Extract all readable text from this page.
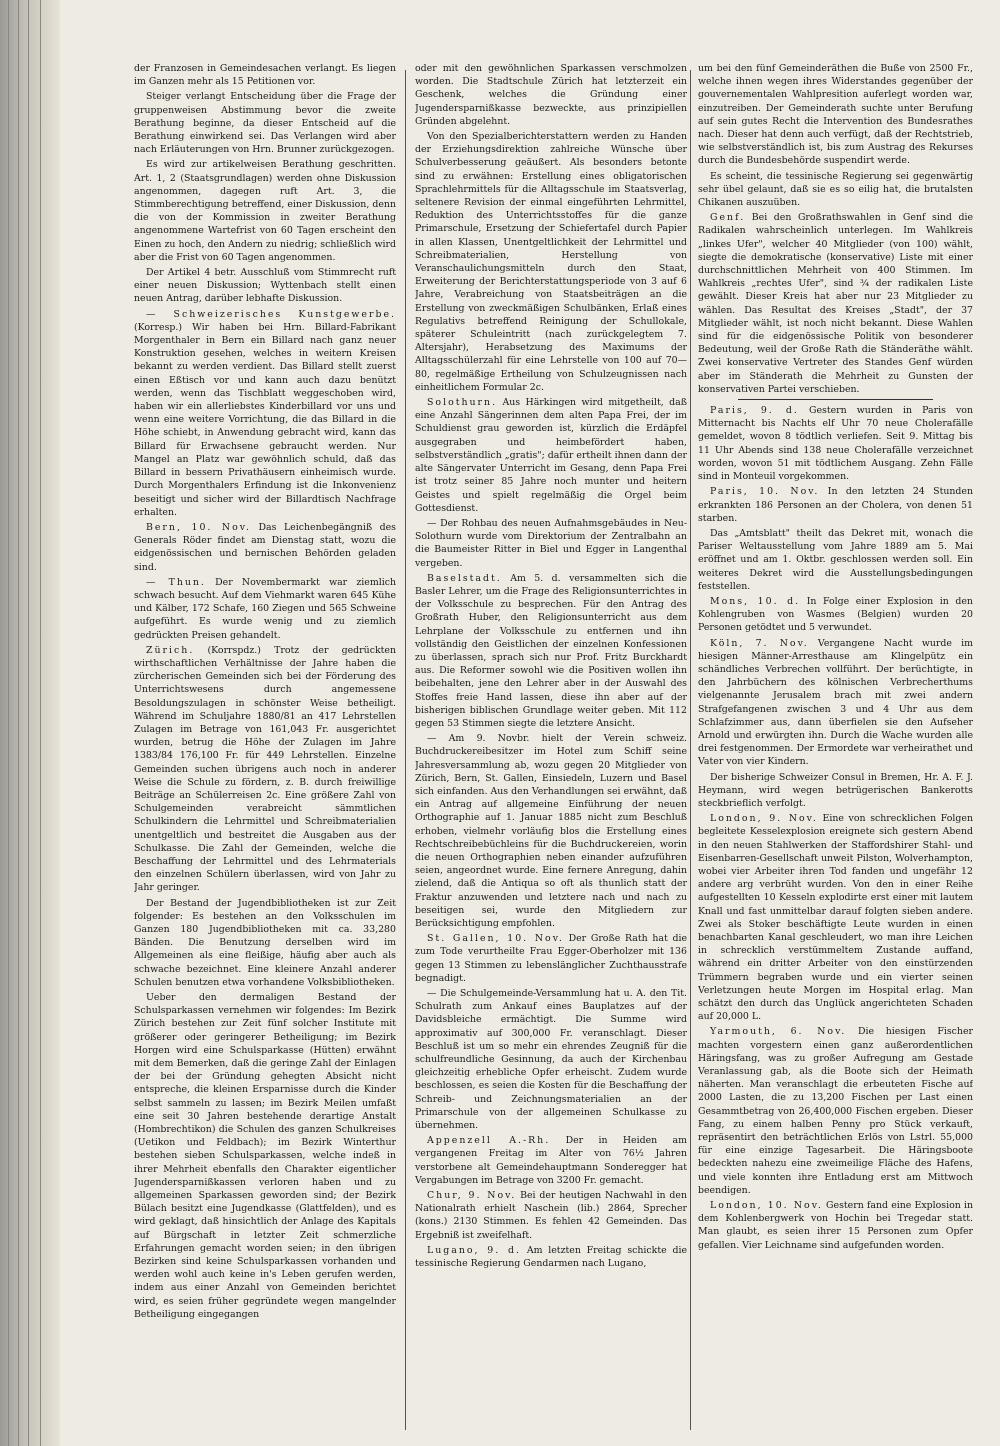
der Franzosen in Gemeindesachen verlangt. Es liegen im Ganzen mehr als 15 Petitionen vor.

Steiger verlangt Entscheidung über die Frage der gruppenweisen Abstimmung bevor die zweite Berathung beginne, da dieser Entscheid auf die Berathung einwirkend sei. Das Verlangen wird aber nach Erläuterungen von Hrn. Brunner zurückgezogen.

Es wird zur artikelweisen Berathung geschritten. Art. 1, 2 (Staatsgrundlagen) werden ohne Diskussion angenommen, dagegen ruft Art. 3, die Stimmberechtigung betreffend, einer Diskussion, denn die von der Kommission in zweiter Berathung angenommene Wartefrist von 60 Tagen erscheint den Einen zu hoch, den Andern zu niedrig; schließlich wird aber die Frist von 60 Tagen angenommen.

Der Artikel 4 betr. Ausschluß vom Stimmrecht ruft einer neuen Diskussion; Wyttenbach stellt einen neuen Antrag, darüber lebhafte Diskussion.

— Schweizerisches Kunstgewerbe. (Korresp.) Wir haben bei Hrn. Billard-Fabrikant Morgenthaler in Bern ein Billard nach ganz neuer Konstruktion gesehen, welches in weitern Kreisen bekannt zu werden verdient. Das Billard stellt zuerst einen Eßtisch vor und kann auch dazu benützt werden, wenn das Tischblatt weggeschoben wird, haben wir ein allerliebstes Kinderbillard vor uns und wenn eine weitere Vorrichtung, die das Billard in die Höhe schiebt, in Anwendung gebracht wird, kann das Billard für Erwachsene gebraucht werden. Nur Mangel an Platz war gewöhnlich schuld, daß das Billard in bessern Privathäusern einheimisch wurde. Durch Morgenthalers Erfindung ist die Inkonvenienz beseitigt und sicher wird der Billardtisch Nachfrage erhalten.

Bern, 10. Nov. Das Leichenbegängniß des Generals Röder findet am Dienstag statt, wozu die eidgenössischen und bernischen Behörden geladen sind.

— Thun. Der Novembermarkt war ziemlich schwach besucht. Auf dem Viehmarkt waren 645 Kühe und Kälber, 172 Schafe, 160 Ziegen und 565 Schweine aufgeführt. Es wurde wenig und zu ziemlich gedrückten Preisen gehandelt.

Zürich. (Korrspdz.) Trotz der gedrückten wirthschaftlichen Verhältnisse der Jahre haben die zürcherischen Gemeinden sich bei der Förderung des Unterrichtswesens durch angemessene Besoldungszulagen in schönster Weise betheiligt. Während im Schuljahre 1880/81 an 417 Lehrstellen Zulagen im Betrage von 161,043 Fr. ausgerichtet wurden, betrug die Höhe der Zulagen im Jahre 1383/84 176,100 Fr. für 449 Lehrstellen. Einzelne Gemeinden suchen übrigens auch noch in anderer Weise die Schule zu fördern, z. B. durch freiwillige Beiträge an Schülerreisen 2c. Eine größere Zahl von Schulgemeinden verabreicht sämmtlichen Schulkindern die Lehrmittel und Schreibmaterialien unentgeltlich und bestreitet die Ausgaben aus der Schulkasse. Die Zahl der Gemeinden, welche die Beschaffung der Lehrmittel und des Lehrmaterials den einzelnen Schülern überlassen, wird von Jahr zu Jahr geringer.

Der Bestand der Jugendbibliotheken ist zur Zeit folgender: Es bestehen an den Volksschulen im Ganzen 180 Jugendbibliotheken mit ca. 33,280 Bänden. Die Benutzung derselben wird im Allgemeinen als eine fleißige, häufig aber auch als schwache bezeichnet. Eine kleinere Anzahl anderer Schulen benutzen etwa vorhandene Volksbibliotheken.

Ueber den dermaligen Bestand der Schulsparkassen vernehmen wir folgendes: Im Bezirk Zürich bestehen zur Zeit fünf solcher Institute mit größerer oder geringerer Betheiligung; im Bezirk Horgen wird eine Schulsparkasse (Hütten) erwähnt mit dem Bemerken, daß die geringe Zahl der Einlagen der bei der Gründung gehegten Absicht nicht entspreche, die kleinen Ersparnisse durch die Kinder selbst sammeln zu lassen; im Bezirk Meilen umfaßt eine seit 30 Jahren bestehende derartige Anstalt (Hombrechtikon) die Schulen des ganzen Schulkreises (Uetikon und Feldbach); im Bezirk Winterthur bestehen sieben Schulsparkassen, welche indeß in ihrer Mehrheit ebenfalls den Charakter eigentlicher Jugendersparnißkassen verloren haben und zu allgemeinen Sparkassen geworden sind; der Bezirk Bülach besitzt eine Jugendkasse (Glattfelden), und es wird geklagt, daß hinsichtlich der Anlage des Kapitals auf Bürgschaft in letzter Zeit schmerzliche Erfahrungen gemacht worden seien; in den übrigen Bezirken sind keine Schulsparkassen vorhanden und werden wohl auch keine in's Leben gerufen werden, indem aus einer Anzahl von Gemeinden berichtet wird, es seien früher gegründete wegen mangelnder Betheiligung eingegangen

oder mit den gewöhnlichen Sparkassen verschmolzen worden. Die Stadtschule Zürich hat letzterzeit ein Geschenk, welches die Gründung einer Jugendersparnißkasse bezweckte, aus prinzipiellen Gründen abgelehnt.

Von den Spezialberichterstattern werden zu Handen der Erziehungsdirektion zahlreiche Wünsche über Schulverbesserung geäußert. Als besonders betonte sind zu erwähnen: Erstellung eines obligatorischen Sprachlehrmittels für die Alltagsschule im Staatsverlag, seltenere Revision der einmal eingeführten Lehrmittel, Reduktion des Unterrichtsstoffes für die ganze Primarschule, Ersetzung der Schiefertafel durch Papier in allen Klassen, Unentgeltlichkeit der Lehrmittel und Schreibmaterialien, Herstellung von Veranschaulichungsmitteln durch den Staat, Erweiterung der Berichterstattungsperiode von 3 auf 6 Jahre, Verabreichung von Staatsbeiträgen an die Erstellung von zweckmäßigen Schulbänken, Erlaß eines Regulativs betreffend Reinigung der Schullokale, späterer Schuleintritt (nach zurückgelegtem 7. Altersjahr), Herabsetzung des Maximums der Alltagsschülerzahl für eine Lehrstelle von 100 auf 70—80, regelmäßige Ertheilung von Schulzeugnissen nach einheitlichem Formular 2c.

Solothurn. Aus Härkingen wird mitgetheilt, daß eine Anzahl Sängerinnen dem alten Papa Frei, der im Schuldienst grau geworden ist, kürzlich die Erdäpfel ausgegraben und heimbefördert haben, selbstverständlich „gratis"; dafür ertheilt ihnen dann der alte Sängervater Unterricht im Gesang, denn Papa Frei ist trotz seiner 85 Jahre noch munter und heitern Geistes und spielt regelmäßig die Orgel beim Gottesdienst.

— Der Rohbau des neuen Aufnahmsgebäudes in Neu-Solothurn wurde vom Direktorium der Zentralbahn an die Baumeister Ritter in Biel und Egger in Langenthal vergeben.

Baselstadt. Am 5. d. versammelten sich die Basler Lehrer, um die Frage des Religionsunterrichtes in der Volksschule zu besprechen. Für den Antrag des Großrath Huber, den Religionsunterricht aus dem Lehrplane der Volksschule zu entfernen und ihn vollständig den Geistlichen der einzelnen Konfessionen zu überlassen, sprach sich nur Prof. Fritz Burckhardt aus. Die Reformer sowohl wie die Positiven wollen ihn beibehalten, jene den Lehrer aber in der Auswahl des Stoffes freie Hand lassen, diese ihn aber auf der bisherigen biblischen Grundlage weiter geben. Mit 112 gegen 53 Stimmen siegte die letztere Ansicht.

— Am 9. Novbr. hielt der Verein schweiz. Buchdruckereibesitzer im Hotel zum Schiff seine Jahresversammlung ab, wozu gegen 20 Mitglieder von Zürich, Bern, St. Gallen, Einsiedeln, Luzern und Basel sich einfanden. Aus den Verhandlungen sei erwähnt, daß ein Antrag auf allgemeine Einführung der neuen Orthographie auf 1. Januar 1885 nicht zum Beschluß erhoben, vielmehr vorläufig blos die Erstellung eines Rechtschreibebüchleins für die Buchdruckereien, worin die neuen Orthographien neben einander aufzuführen seien, angeordnet wurde. Eine fernere Anregung, dahin zielend, daß die Antiqua so oft als thunlich statt der Fraktur anzuwenden und letztere nach und nach zu beseitigen sei, wurde den Mitgliedern zur Berücksichtigung empfohlen.

St. Gallen, 10. Nov. Der Große Rath hat die zum Tode verurtheilte Frau Egger-Oberholzer mit 136 gegen 13 Stimmen zu lebenslänglicher Zuchthausstrafe begnadigt.

— Die Schulgemeinde-Versammlung hat u. A. den Tit. Schulrath zum Ankauf eines Bauplatzes auf der Davidsbleiche ermächtigt. Die Summe wird approximativ auf 300,000 Fr. veranschlagt. Dieser Beschluß ist um so mehr ein ehrendes Zeugniß für die schulfreundliche Gesinnung, da auch der Kirchenbau gleichzeitig erhebliche Opfer erheischt. Zudem wurde beschlossen, es seien die Kosten für die Beschaffung der Schreib- und Zeichnungsmaterialien an der Primarschule von der allgemeinen Schulkasse zu übernehmen.

Appenzell A.-Rh. Der in Heiden am vergangenen Freitag im Alter von 76½ Jahren verstorbene alt Gemeindehauptmann Sonderegger hat Vergabungen im Betrage von 3200 Fr. gemacht.

Chur, 9. Nov. Bei der heutigen Nachwahl in den Nationalrath erhielt Naschein (lib.) 2864, Sprecher (kons.) 2130 Stimmen. Es fehlen 42 Gemeinden. Das Ergebniß ist zweifelhaft.

Lugano, 9. d. Am letzten Freitag schickte die tessinische Regierung Gendarmen nach Lugano,

um bei den fünf Gemeinderäthen die Buße von 2500 Fr., welche ihnen wegen ihres Widerstandes gegenüber der gouvernementalen Wahlpresition auferlegt worden war, einzutreiben. Der Gemeinderath suchte unter Berufung auf sein gutes Recht die Intervention des Bundesrathes nach. Dieser hat denn auch verfügt, daß der Rechtstrieb, wie selbstverständlich ist, bis zum Austrag des Rekurses durch die Bundesbehörde suspendirt werde.

Es scheint, die tessinische Regierung sei gegenwärtig sehr übel gelaunt, daß sie es so eilig hat, die brutalsten Chikanen auszuüben.

Genf. Bei den Großrathswahlen in Genf sind die Radikalen wahrscheinlich unterlegen. Im Wahlkreis „linkes Ufer", welcher 40 Mitglieder (von 100) wählt, siegte die demokratische (konservative) Liste mit einer durchschnittlichen Mehrheit von 400 Stimmen. Im Wahlkreis „rechtes Ufer", sind ¾ der radikalen Liste gewählt. Dieser Kreis hat aber nur 23 Mitglieder zu wählen. Das Resultat des Kreises „Stadt", der 37 Mitglieder wählt, ist noch nicht bekannt. Diese Wahlen sind für die eidgenössische Politik von besonderer Bedeutung, weil der Große Rath die Ständeräthe wählt. Zwei konservative Vertreter des Standes Genf würden aber im Ständerath die Mehrheit zu Gunsten der konservativen Partei verschieben.

Paris, 9. d. Gestern wurden in Paris von Mitternacht bis Nachts elf Uhr 70 neue Cholerafälle gemeldet, wovon 8 tödtlich verliefen. Seit 9. Mittag bis 11 Uhr Abends sind 138 neue Cholerafälle verzeichnet worden, wovon 51 mit tödtlichem Ausgang. Zehn Fälle sind in Monteuil vorgekommen.

Paris, 10. Nov. In den letzten 24 Stunden erkrankten 186 Personen an der Cholera, von denen 51 starben.

Das „Amtsblatt" theilt das Dekret mit, wonach die Pariser Weltausstellung vom Jahre 1889 am 5. Mai eröffnet und am 1. Oktbr. geschlossen werden soll. Ein weiteres Dekret wird die Ausstellungsbedingungen feststellen.

Mons, 10. d. In Folge einer Explosion in den Kohlengruben von Wasmes (Belgien) wurden 20 Personen getödtet und 5 verwundet.

Köln, 7. Nov. Vergangene Nacht wurde im hiesigen Männer-Arresthause am Klingelpütz ein schändliches Verbrechen vollführt. Der berüchtigte, in den Jahrbüchern des kölnischen Verbrecherthums vielgenannte Jerusalem brach mit zwei andern Strafgefangenen zwischen 3 und 4 Uhr aus dem Schlafzimmer aus, dann überfielen sie den Aufseher Arnold und erwürgten ihn. Durch die Wache wurden alle drei festgenommen. Der Ermordete war verheirathet und Vater von vier Kindern.

Der bisherige Schweizer Consul in Bremen, Hr. A. F. J. Heymann, wird wegen betrügerischen Bankerotts steckbrieflich verfolgt.

London, 9. Nov. Eine von schrecklichen Folgen begleitete Kesselexplosion ereignete sich gestern Abend in den neuen Stahlwerken der Staffordshirer Stahl- und Eisenbarren-Gesellschaft unweit Pilston, Wolverhampton, wobei vier Arbeiter ihren Tod fanden und ungefähr 12 andere arg verbrüht wurden. Von den in einer Reihe aufgestellten 10 Kesseln explodirte erst einer mit lautem Knall und fast unmittelbar darauf folgten sieben andere. Zwei als Stoker beschäftigte Leute wurden in einen benachbarten Kanal geschleudert, wo man ihre Leichen in schrecklich verstümmeltem Zustande auffand, während ein dritter Arbeiter von den einstürzenden Trümmern begraben wurde und ein vierter seinen Verletzungen heute Morgen im Hospital erlag. Man schätzt den durch das Unglück angerichteten Schaden auf 20,000 L.

Yarmouth, 6. Nov. Die hiesigen Fischer machten vorgestern einen ganz außerordentlichen Häringsfang, was zu großer Aufregung am Gestade Veranlassung gab, als die Boote sich der Heimath näherten. Man veranschlagt die erbeuteten Fische auf 2000 Lasten, die zu 13,200 Fischen per Last einen Gesammtbetrag von 26,400,000 Fischen ergeben. Dieser Fang, zu einem halben Penny pro Stück verkauft, repräsentirt den beträchtlichen Erlös von Lstrl. 55,000 für eine einzige Tagesarbeit. Die Häringsboote bedeckten nahezu eine zweimeilige Fläche des Hafens, und viele konnten ihre Entladung erst am Mittwoch beendigen.

London, 10. Nov. Gestern fand eine Explosion in dem Kohlenbergwerk von Hochin bei Tregedar statt. Man glaubt, es seien ihrer 15 Personen zum Opfer gefallen. Vier Leichname sind aufgefunden worden.
